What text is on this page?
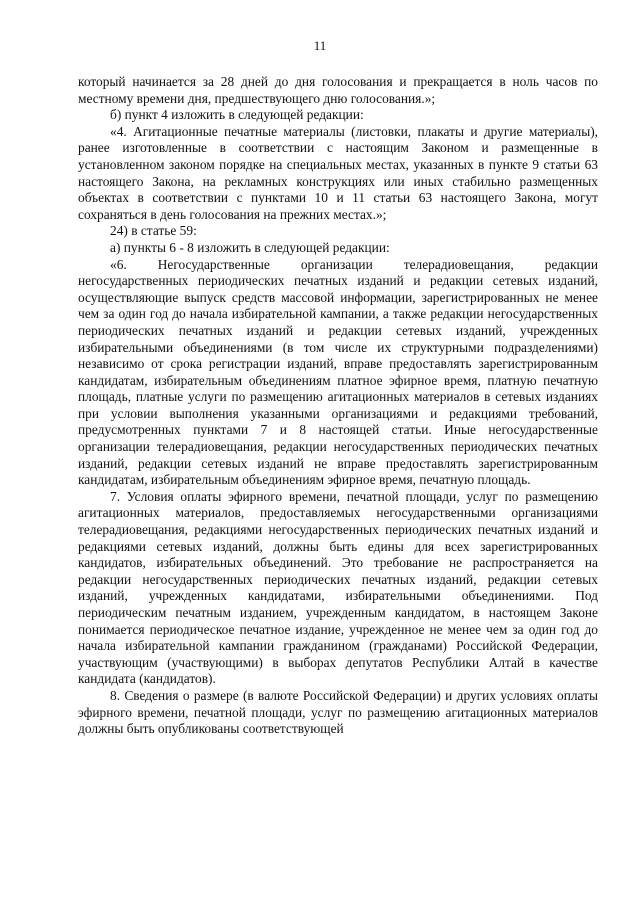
11

который начинается за 28 дней до дня голосования и прекращается в ноль часов по местному времени дня, предшествующего дню голосования.»;

б) пункт 4 изложить в следующей редакции:

«4. Агитационные печатные материалы (листовки, плакаты и другие материалы), ранее изготовленные в соответствии с настоящим Законом и размещенные в установленном законом порядке на специальных местах, указанных в пункте 9 статьи 63 настоящего Закона, на рекламных конструкциях или иных стабильно размещенных объектах в соответствии с пунктами 10 и 11 статьи 63 настоящего Закона, могут сохраняться в день голосования на прежних местах.»;

24) в статье 59:

а) пункты 6 - 8 изложить в следующей редакции:

«6. Негосударственные организации телерадиовещания, редакции негосударственных периодических печатных изданий и редакции сетевых изданий, осуществляющие выпуск средств массовой информации, зарегистрированных не менее чем за один год до начала избирательной кампании, а также редакции негосударственных периодических печатных изданий и редакции сетевых изданий, учрежденных избирательными объединениями (в том числе их структурными подразделениями) независимо от срока регистрации изданий, вправе предоставлять зарегистрированным кандидатам, избирательным объединениям платное эфирное время, платную печатную площадь, платные услуги по размещению агитационных материалов в сетевых изданиях при условии выполнения указанными организациями и редакциями требований, предусмотренных пунктами 7 и 8 настоящей статьи. Иные негосударственные организации телерадиовещания, редакции негосударственных периодических печатных изданий, редакции сетевых изданий не вправе предоставлять зарегистрированным кандидатам, избирательным объединениям эфирное время, печатную площадь.

7. Условия оплаты эфирного времени, печатной площади, услуг по размещению агитационных материалов, предоставляемых негосударственными организациями телерадиовещания, редакциями негосударственных периодических печатных изданий и редакциями сетевых изданий, должны быть едины для всех зарегистрированных кандидатов, избирательных объединений. Это требование не распространяется на редакции негосударственных периодических печатных изданий, редакции сетевых изданий, учрежденных кандидатами, избирательными объединениями. Под периодическим печатным изданием, учрежденным кандидатом, в настоящем Законе понимается периодическое печатное издание, учрежденное не менее чем за один год до начала избирательной кампании гражданином (гражданами) Российской Федерации, участвующим (участвующими) в выборах депутатов Республики Алтай в качестве кандидата (кандидатов).

8. Сведения о размере (в валюте Российской Федерации) и других условиях оплаты эфирного времени, печатной площади, услуг по размещению агитационных материалов должны быть опубликованы соответствующей
